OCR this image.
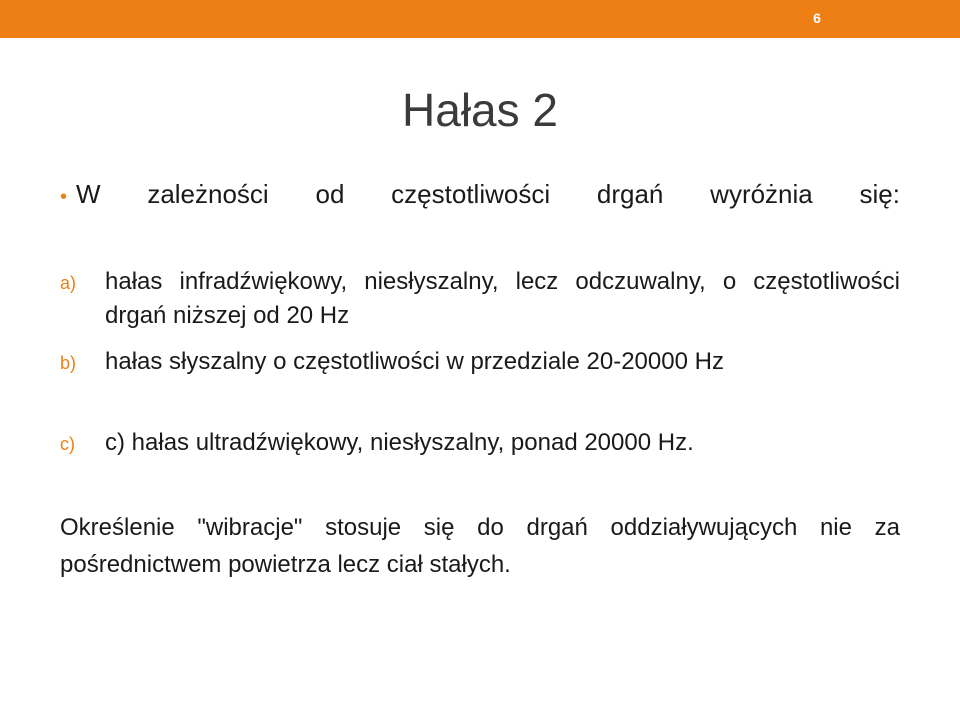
6
Hałas 2
• W zależności od częstotliwości drgań wyróżnia się:
a)	hałas infradźwiękowy, niesłyszalny, lecz odczuwalny, o częstotliwości drgań niższej od 20 Hz
b)	hałas słyszalny o częstotliwości w przedziale 20-20000 Hz
c)	c) hałas ultradźwiękowy, niesłyszalny, ponad 20000 Hz.
Określenie "wibracje" stosuje się do drgań oddziaływujących nie za pośrednictwem powietrza lecz ciał stałych.
